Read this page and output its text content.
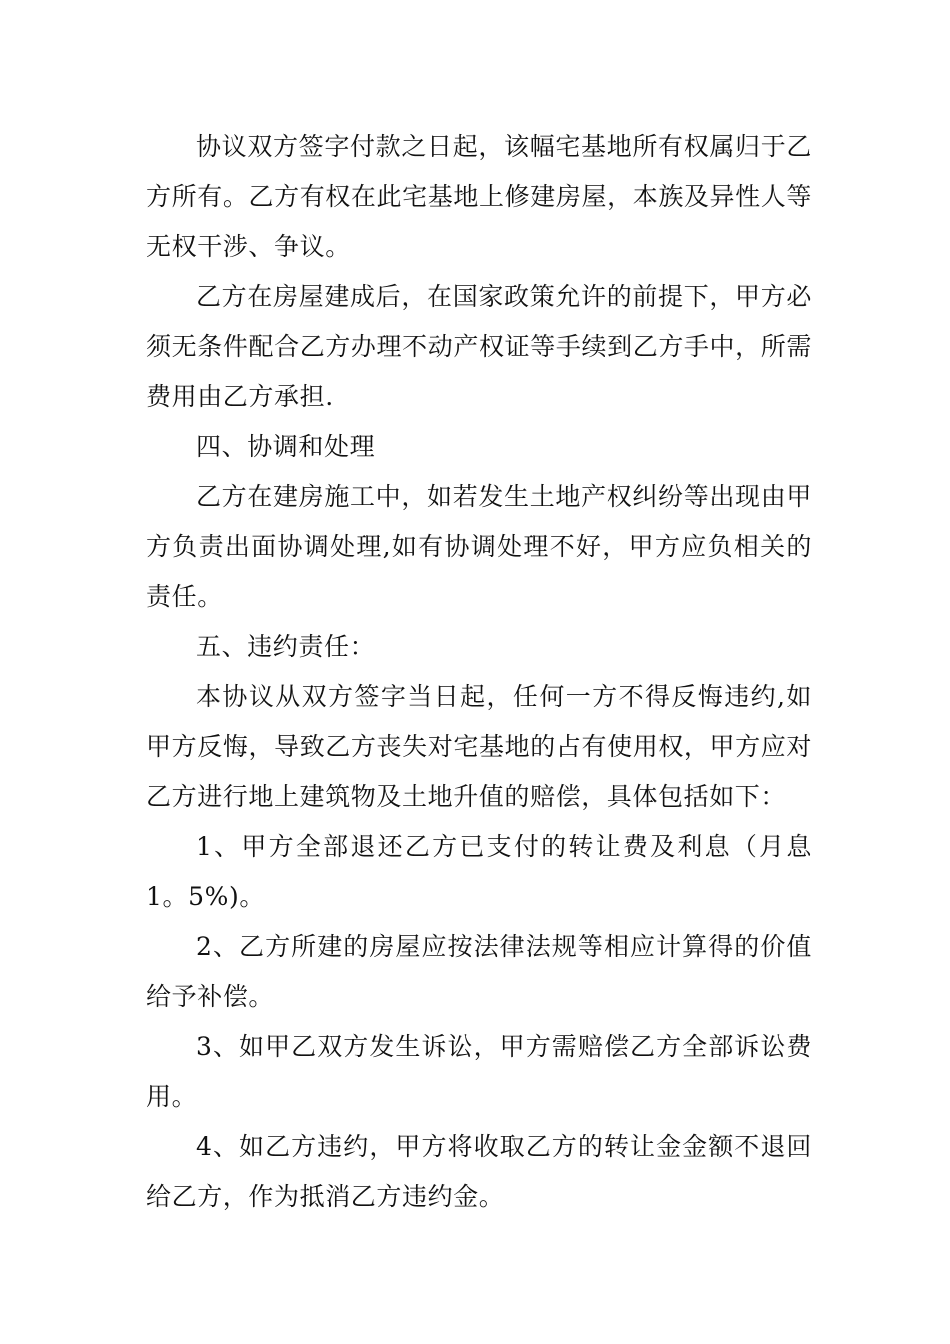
协议双方签字付款之日起，该幅宅基地所有权属归于乙方所有。乙方有权在此宅基地上修建房屋，本族及异性人等无权干涉、争议。

乙方在房屋建成后，在国家政策允许的前提下，甲方必须无条件配合乙方办理不动产权证等手续到乙方手中，所需费用由乙方承担.

四、协调和处理

乙方在建房施工中，如若发生土地产权纠纷等出现由甲方负责出面协调处理,如有协调处理不好，甲方应负相关的责任。

五、违约责任：

本协议从双方签字当日起，任何一方不得反悔违约,如甲方反悔，导致乙方丧失对宅基地的占有使用权，甲方应对乙方进行地上建筑物及土地升值的赔偿，具体包括如下：

1、甲方全部退还乙方已支付的转让费及利息（月息1。5%)。

2、乙方所建的房屋应按法律法规等相应计算得的价值给予补偿。

3、如甲乙双方发生诉讼，甲方需赔偿乙方全部诉讼费用。

4、如乙方违约，甲方将收取乙方的转让金金额不退回给乙方，作为抵消乙方违约金。
